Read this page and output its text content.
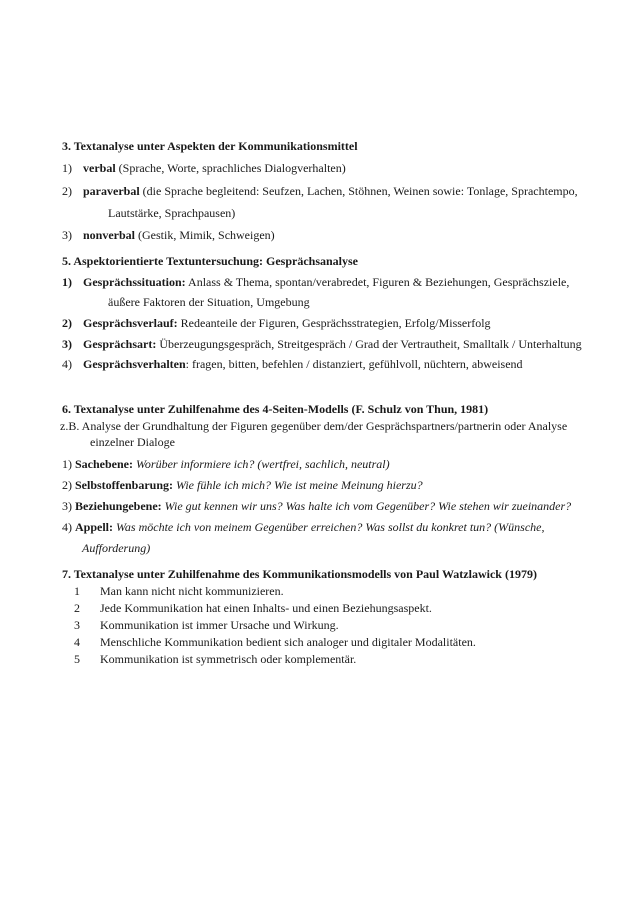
3. Textanalyse unter Aspekten der Kommunikationsmittel
1) verbal (Sprache, Worte, sprachliches Dialogverhalten)
2) paraverbal (die Sprache begleitend: Seufzen, Lachen, Stöhnen, Weinen sowie: Tonlage, Sprachtempo,
Lautstärke, Sprachpausen)
3) nonverbal (Gestik, Mimik, Schweigen)
5. Aspektorientierte Textuntersuchung: Gesprächsanalyse
1) Gesprächssituation: Anlass & Thema, spontan/verabredet, Figuren & Beziehungen, Gesprächsziele,
äußere Faktoren der Situation, Umgebung
2) Gesprächsverlauf: Redeanteile der Figuren, Gesprächsstrategien, Erfolg/Misserfolg
3) Gesprächsart: Überzeugungsgespräch, Streitgespräch / Grad der Vertrautheit, Smalltalk / Unterhaltung
4) Gesprächsverhalten: fragen, bitten, befehlen / distanziert, gefühlvoll, nüchtern, abweisend
6. Textanalyse unter Zuhilfenahme des 4-Seiten-Modells (F. Schulz von Thun, 1981)
z.B. Analyse der Grundhaltung der Figuren gegenüber dem/der Gesprächspartners/partnerin oder Analyse
einzelner Dialoge
1) Sachebene: Worüber informiere ich? (wertfrei, sachlich, neutral)
2) Selbstoffenbarung: Wie fühle ich mich? Wie ist meine Meinung hierzu?
3) Beziehungebene: Wie gut kennen wir uns? Was halte ich vom Gegenüber? Wie stehen wir zueinander?
4) Appell: Was möchte ich von meinem Gegenüber erreichen? Was sollst du konkret tun? (Wünsche,
Aufforderung)
7. Textanalyse unter Zuhilfenahme des Kommunikationsmodells von Paul Watzlawick (1979)
1	Man kann nicht nicht kommunizieren.
2	Jede Kommunikation hat einen Inhalts- und einen Beziehungsaspekt.
3	Kommunikation ist immer Ursache und Wirkung.
4	Menschliche Kommunikation bedient sich analoger und digitaler Modalitäten.
5	Kommunikation ist symmetrisch oder komplementär.
